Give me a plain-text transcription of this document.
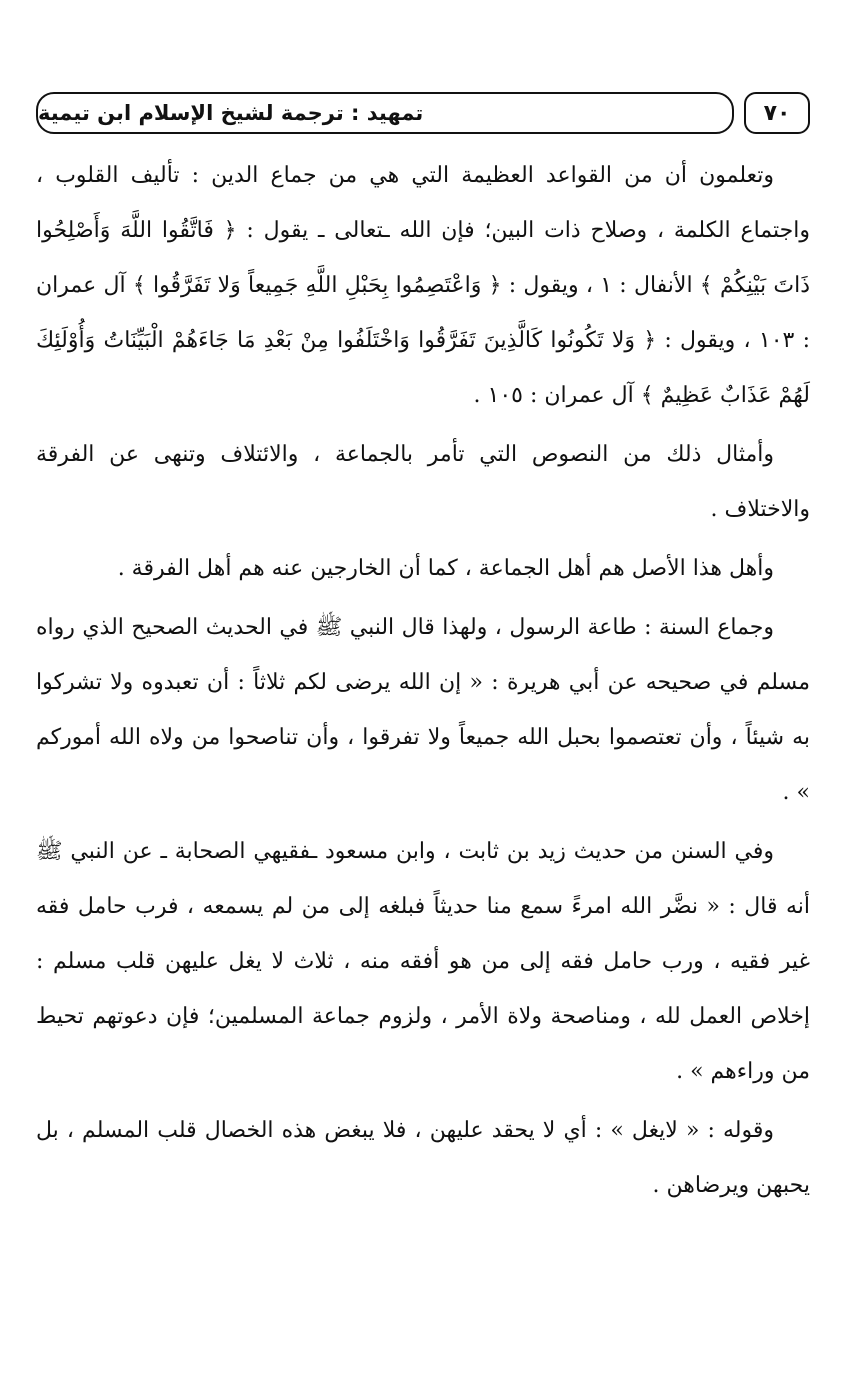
تمهيد : ترجمة لشيخ الإسلام ابن تيمية	٧٠

وتعلمون أن من القواعد العظيمة التي هي من جماع الدين : تأليف القلوب ، واجتماع الكلمة ، وصلاح ذات البين؛ فإن الله ـتعالى ـ يقول : ﴿ فَاتَّقُوا اللَّهَ وَأَصْلِحُوا ذَاتَ بَيْنِكُمْ ﴾ الأنفال : ١ ، ويقول : ﴿ وَاعْتَصِمُوا بِحَبْلِ اللَّهِ جَمِيعاً وَلا تَفَرَّقُوا ﴾ آل عمران : ١٠٣ ، ويقول : ﴿ وَلا تَكُونُوا كَالَّذِينَ تَفَرَّقُوا وَاخْتَلَفُوا مِنْ بَعْدِ مَا جَاءَهُمْ الْبَيِّنَاتُ وَأُوْلَئِكَ لَهُمْ عَذَابٌ عَظِيمٌ ﴾ آل عمران : ١٠٥ .

وأمثال ذلك من النصوص التي تأمر بالجماعة ، والائتلاف وتنهى عن الفرقة والاختلاف .

وأهل هذا الأصل هم أهل الجماعة ، كما أن الخارجين عنه هم أهل الفرقة .

وجماع السنة : طاعة الرسول ، ولهذا قال النبي ﷺ في الحديث الصحيح الذي رواه مسلم في صحيحه عن أبي هريرة : « إن الله يرضى لكم ثلاثاً : أن تعبدوه ولا تشركوا به شيئاً ، وأن تعتصموا بحبل الله جميعاً ولا تفرقوا ، وأن تناصحوا من ولاه الله أموركم » .

وفي السنن من حديث زيد بن ثابت ، وابن مسعود ـفقيهي الصحابة ـ عن النبي ﷺ أنه قال : « نضَّر الله امرءً سمع منا حديثاً فبلغه إلى من لم يسمعه ، فرب حامل فقه غير فقيه ، ورب حامل فقه إلى من هو أفقه منه ، ثلاث لا يغل عليهن قلب مسلم : إخلاص العمل لله ، ومناصحة ولاة الأمر ، ولزوم جماعة المسلمين؛ فإن دعوتهم تحيط من وراءهم » .

وقوله : « لايغل » : أي لا يحقد عليهن ، فلا يبغض هذه الخصال قلب المسلم ، بل يحبهن ويرضاهن .
